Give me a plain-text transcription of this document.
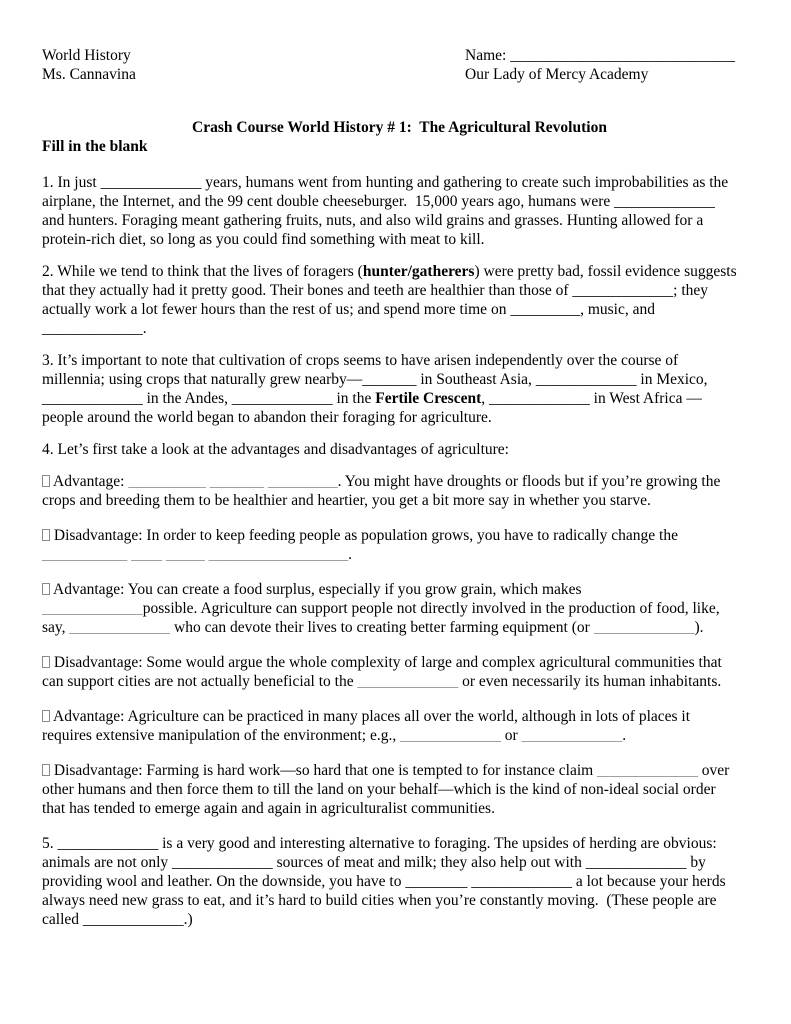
World History
Ms. Cannavina
Name: _____________________________
Our Lady of Mercy Academy
Crash Course World History # 1:  The Agricultural Revolution
Fill in the blank
1. In just _____________ years, humans went from hunting and gathering to create such improbabilities as the
airplane, the Internet, and the 99 cent double cheeseburger.  15,000 years ago, humans were _____________
and hunters. Foraging meant gathering fruits, nuts, and also wild grains and grasses. Hunting allowed for a
protein-rich diet, so long as you could find something with meat to kill.
2. While we tend to think that the lives of foragers (hunter/gatherers) were pretty bad, fossil evidence suggests
that they actually had it pretty good. Their bones and teeth are healthier than those of _____________; they
actually work a lot fewer hours than the rest of us; and spend more time on _________, music, and
_____________.
3. It’s important to note that cultivation of crops seems to have arisen independently over the course of
millennia; using crops that naturally grew nearby—_______ in Southeast Asia, _____________ in Mexico,
_____________ in the Andes, _____________ in the Fertile Crescent, _____________ in West Africa —
people around the world began to abandon their foraging for agriculture.
4. Let’s first take a look at the advantages and disadvantages of agriculture:
Advantage: __________ _______ _________. You might have droughts or floods but if you’re growing the
crops and breeding them to be healthier and heartier, you get a bit more say in whether you starve.
Disadvantage: In order to keep feeding people as population grows, you have to radically change the
___________ ____ _____ __________________.
Advantage: You can create a food surplus, especially if you grow grain, which makes
_____________possible. Agriculture can support people not directly involved in the production of food, like,
say, _____________ who can devote their lives to creating better farming equipment (or _____________).
Disadvantage: Some would argue the whole complexity of large and complex agricultural communities that
can support cities are not actually beneficial to the _____________ or even necessarily its human inhabitants.
Advantage: Agriculture can be practiced in many places all over the world, although in lots of places it
requires extensive manipulation of the environment; e.g., _____________ or _____________.
Disadvantage: Farming is hard work—so hard that one is tempted to for instance claim _____________ over
other humans and then force them to till the land on your behalf—which is the kind of non-ideal social order
that has tended to emerge again and again in agriculturalist communities.
5. _____________ is a very good and interesting alternative to foraging. The upsides of herding are obvious:
animals are not only _____________ sources of meat and milk; they also help out with _____________ by
providing wool and leather. On the downside, you have to ________ _____________ a lot because your herds
always need new grass to eat, and it’s hard to build cities when you’re constantly moving.  (These people are
called _____________.)
